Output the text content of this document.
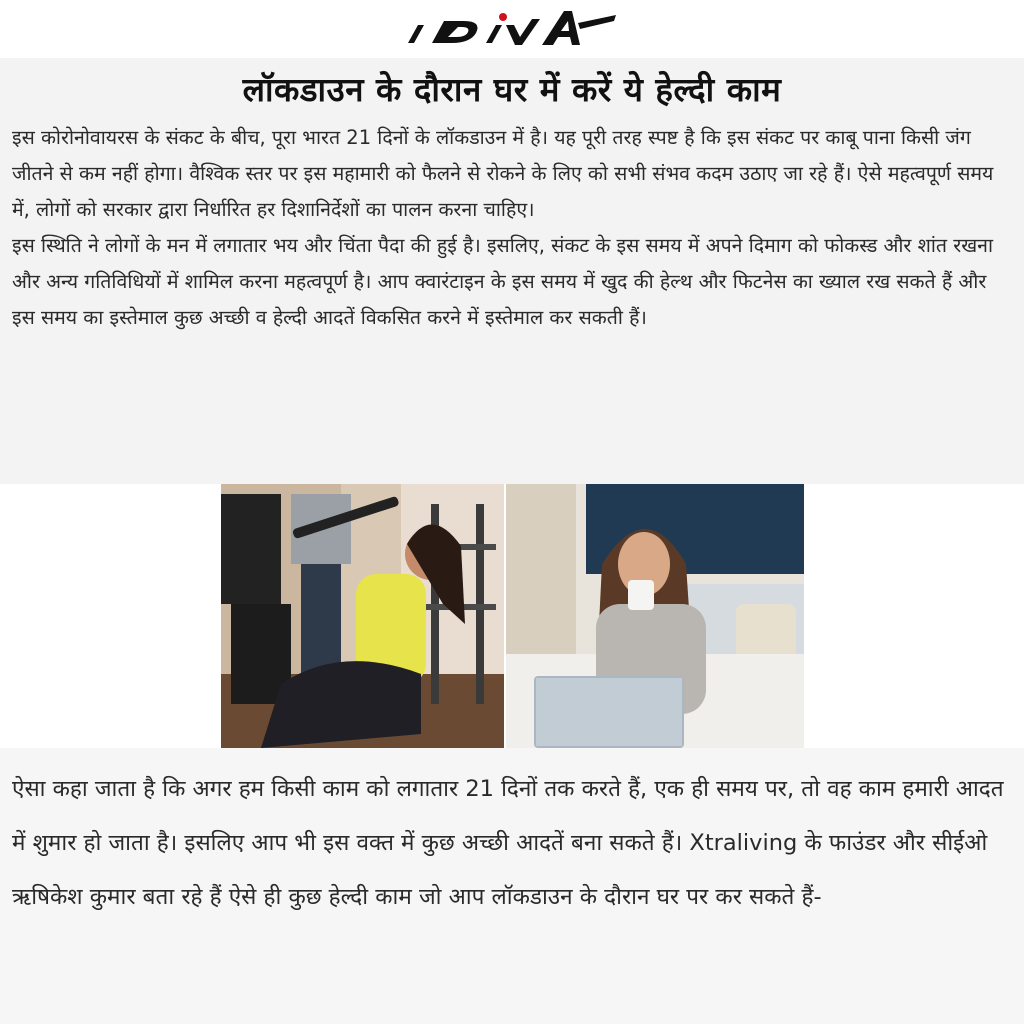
लॉकडाउन के दौरान घर में करें ये हेल्दी काम

इस कोरोनोवायरस के संकट के बीच, पूरा भारत 21 दिनों के लॉकडाउन में है। यह पूरी तरह स्पष्ट है कि इस संकट पर काबू पाना किसी जंग जीतने से कम नहीं होगा। वैश्विक स्तर पर इस महामारी को फैलने से रोकने के लिए को सभी संभव कदम उठाए जा रहे हैं। ऐसे महत्वपूर्ण समय में, लोगों को सरकार द्वारा निर्धारित हर दिशानिर्देशों का पालन करना चाहिए।

इस स्थिति ने लोगों के मन में लगातार भय और चिंता पैदा की हुई है। इसलिए, संकट के इस समय में अपने दिमाग को फोकस्ड और शांत रखना और अन्य गतिविधियों में शामिल करना महत्वपूर्ण है। आप क्वारंटाइन के इस समय में खुद की हेल्थ और फिटनेस का ख्याल रख सकते हैं और इस समय का इस्तेमाल कुछ अच्छी व हेल्दी आदतें विकसित करने में इस्तेमाल कर सकती हैं।

ऐसा कहा जाता है कि अगर हम किसी काम को लगातार 21 दिनों तक करते हैं, एक ही समय पर, तो वह काम हमारी आदत में शुमार हो जाता है। इसलिए आप भी इस वक्त में कुछ अच्छी आदतें बना सकते हैं। Xtraliving के फाउंडर और सीईओ ऋषिकेश कुमार बता रहे हैं ऐसे ही कुछ हेल्दी काम जो आप लॉकडाउन के दौरान घर पर कर सकते हैं-
